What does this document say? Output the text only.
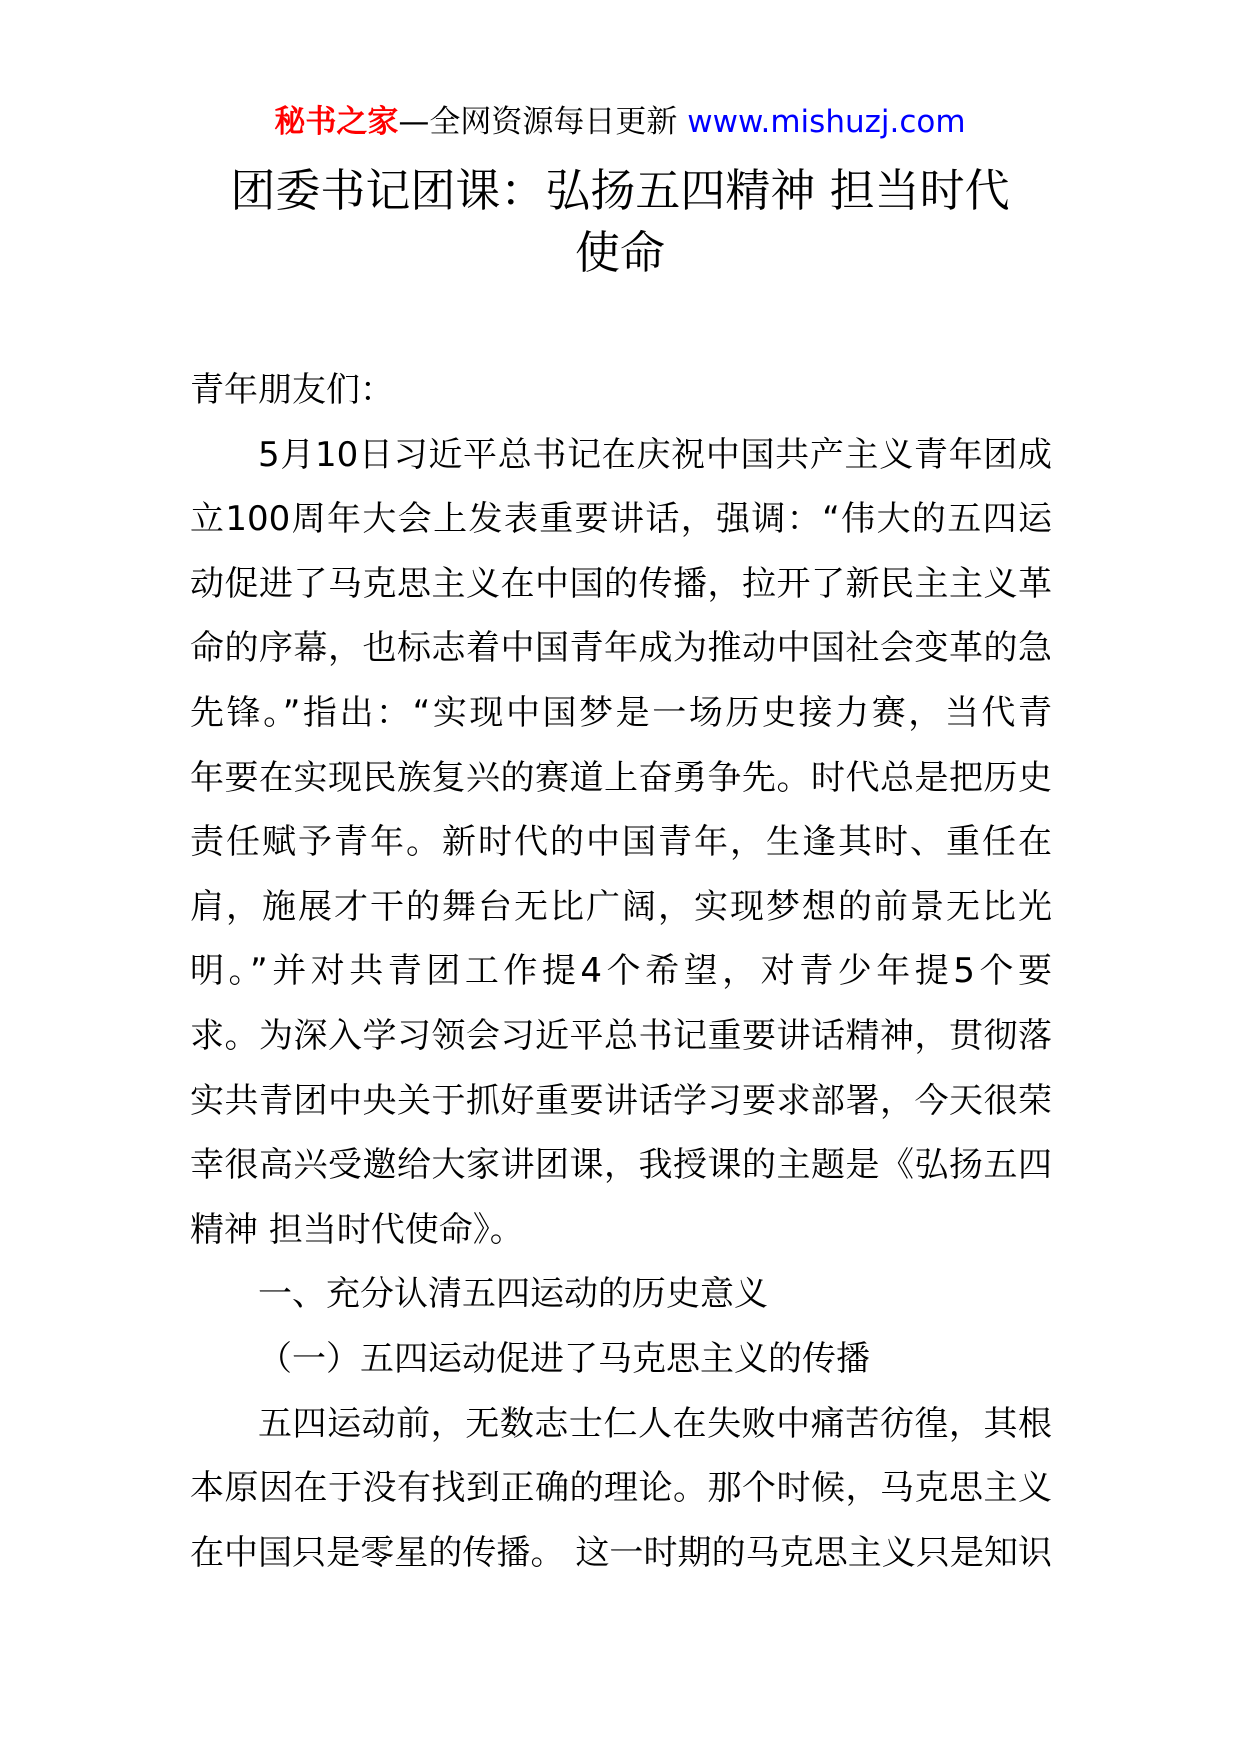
秘书之家—全网资源每日更新 www.mishuzj.com
团委书记团课：弘扬五四精神 担当时代
使命
青年朋友们：
5月10日习近平总书记在庆祝中国共产主义青年团成
立100周年大会上发表重要讲话，强调：“伟大的五四运
动促进了马克思主义在中国的传播，拉开了新民主主义革
命的序幕，也标志着中国青年成为推动中国社会变革的急
先锋。”指出：“实现中国梦是一场历史接力赛，当代青
年要在实现民族复兴的赛道上奋勇争先。时代总是把历史
责任赋予青年。新时代的中国青年，生逢其时、重任在
肩，施展才干的舞台无比广阔，实现梦想的前景无比光
明。”并对共青团工作提4个希望，对青少年提5个要
求。为深入学习领会习近平总书记重要讲话精神，贯彻落
实共青团中央关于抓好重要讲话学习要求部署，今天很荣
幸很高兴受邀给大家讲团课，我授课的主题是《弘扬五四
精神 担当时代使命》。
一、充分认清五四运动的历史意义
（一）五四运动促进了马克思主义的传播
五四运动前，无数志士仁人在失败中痛苦彷徨，其根
本原因在于没有找到正确的理论。那个时候，马克思主义
在中国只是零星的传播。 这一时期的马克思主义只是知识
